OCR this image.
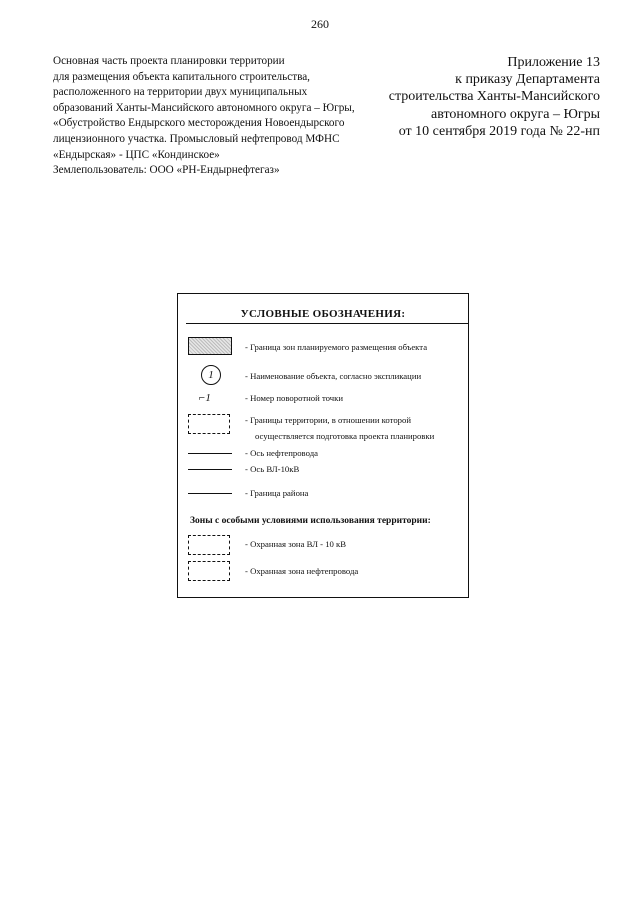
260
Основная часть проекта планировки территории
для размещения объекта капитального строительства,
расположенного на территории двух муниципальных
образований Ханты-Мансийского автономного округа – Югры,
«Обустройство Ендырского месторождения Новоендырского
лицензионного участка. Промысловый нефтепровод МФНС
«Ендырская» - ЦПС «Кондинское»
Землепользователь: ООО «РН-Ендырнефтегаз»
Приложение 13
к приказу Департамента
строительства Ханты-Мансийского
автономного округа – Югры
от 10 сентября 2019 года № 22-нп
УСЛОВНЫЕ ОБОЗНАЧЕНИЯ:
- Граница зон планируемого размещения объекта
1	- Наименование объекта, согласно экспликации
⌐1	- Номер поворотной точки
- Границы территории, в отношении которой
осуществляется подготовка проекта планировки
- Ось нефтепровода
- Ось ВЛ-10кВ
- Граница района
Зоны с особыми условиями использования территории:
- Охранная зона ВЛ - 10 кВ
- Охранная зона нефтепровода
